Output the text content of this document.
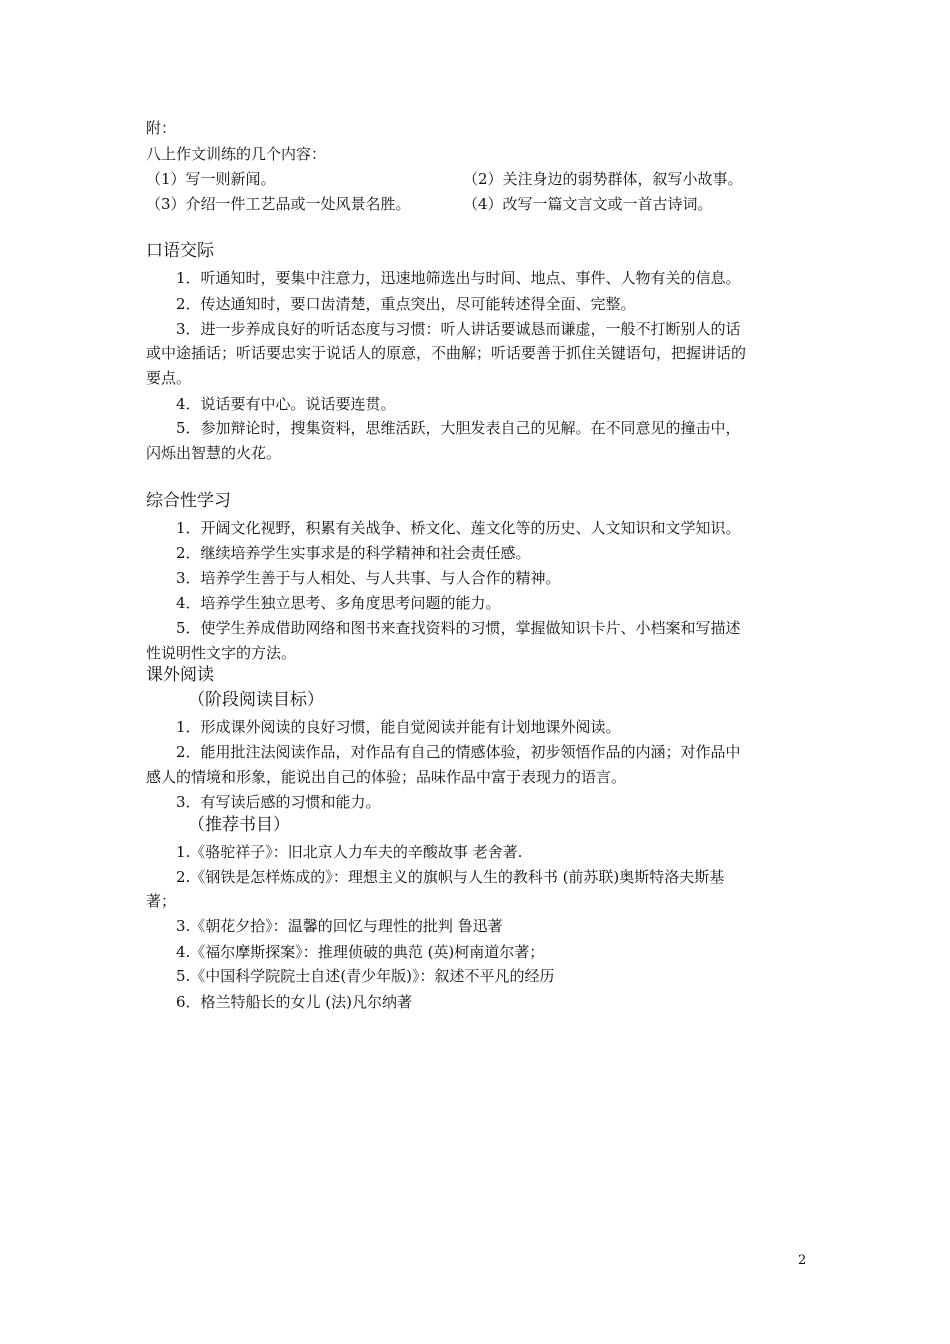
附：
八上作文训练的几个内容：
（1）写一则新闻。	（2）关注身边的弱势群体，叙写小故事。
（3）介绍一件工艺品或一处风景名胜。	（4）改写一篇文言文或一首古诗词。
口语交际
1．听通知时，要集中注意力，迅速地筛选出与时间、地点、事件、人物有关的信息。
2．传达通知时，要口齿清楚，重点突出，尽可能转述得全面、完整。
3．进一步养成良好的听话态度与习惯：听人讲话要诚恳而谦虚，一般不打断别人的话
或中途插话；听话要忠实于说话人的原意，不曲解；听话要善于抓住关键语句，把握讲话的
要点。
4．说话要有中心。说话要连贯。
5．参加辩论时，搜集资料，思维活跃，大胆发表自己的见解。在不同意见的撞击中，
闪烁出智慧的火花。
综合性学习
1．开阔文化视野，积累有关战争、桥文化、莲文化等的历史、人文知识和文学知识。
2．继续培养学生实事求是的科学精神和社会责任感。
3．培养学生善于与人相处、与人共事、与人合作的精神。
4．培养学生独立思考、多角度思考问题的能力。
5．使学生养成借助网络和图书来查找资料的习惯，掌握做知识卡片、小档案和写描述
性说明性文字的方法。
课外阅读
（阶段阅读目标）
1．形成课外阅读的良好习惯，能自觉阅读并能有计划地课外阅读。
2．能用批注法阅读作品，对作品有自己的情感体验，初步领悟作品的内涵；对作品中
感人的情境和形象，能说出自己的体验；品味作品中富于表现力的语言。
3．有写读后感的习惯和能力。
（推荐书目）
1.《骆驼祥子》：旧北京人力车夫的辛酸故事 老舍著.
2.《钢铁是怎样炼成的》：理想主义的旗帜与人生的教科书 (前苏联)奥斯特洛夫斯基
著；
3.《朝花夕拾》：温馨的回忆与理性的批判 鲁迅著
4.《福尔摩斯探案》：推理侦破的典范 (英)柯南道尔著；
5.《中国科学院院士自述(青少年版)》：叙述不平凡的经历
6．格兰特船长的女儿 (法)凡尔纳著
2
